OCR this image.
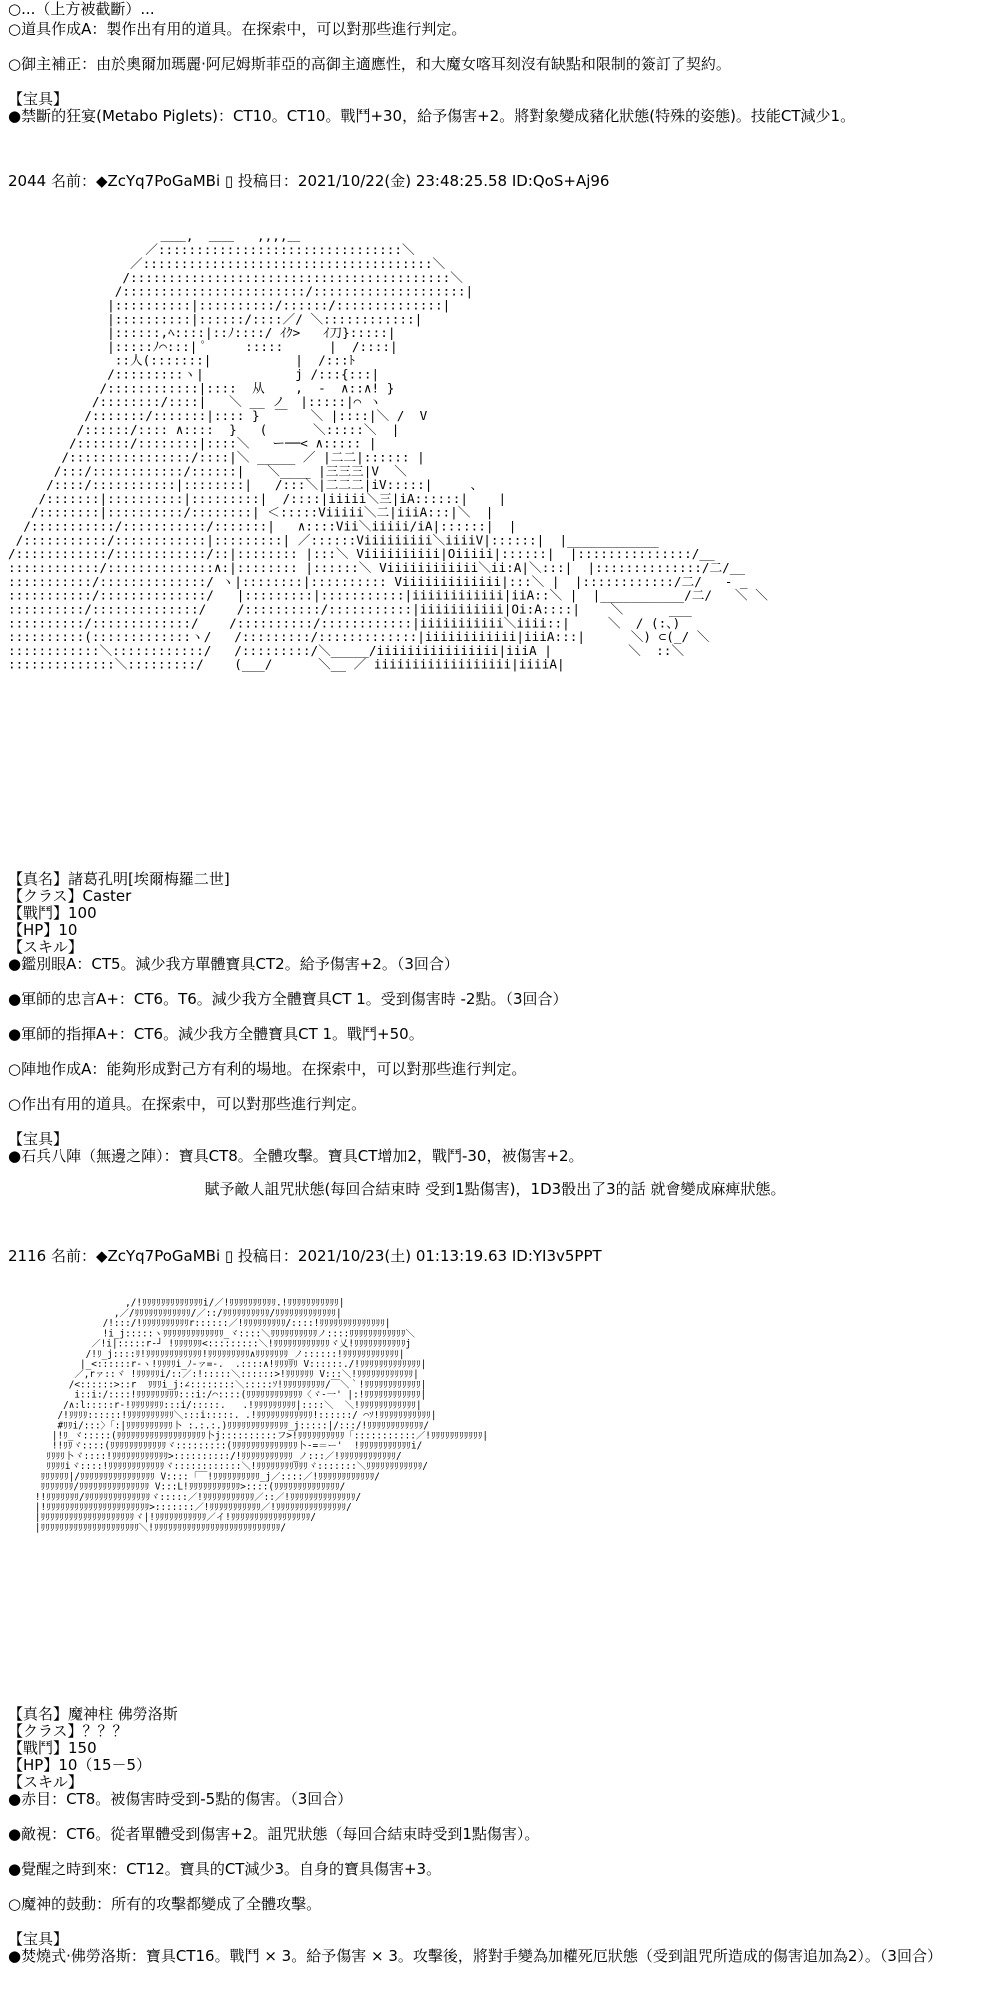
○...（上方被截斷）...
○道具作成A：製作出有用的道具。在探索中，可以對那些進行判定。
○御主補正：由於奧爾加瑪麗·阿尼姆斯菲亞的高御主適應性，和大魔女喀耳刻沒有缺點和限制的簽訂了契約。
【宝具】
●禁斷的狂宴(Metabo Piglets)：CT10。CT10。戰鬥+30，給予傷害+2。將對象變成豬化狀態(特殊的姿態)。技能CT減少1。
2044 名前：◆ZcYq7PoGaMBi ▯ 投稿日：2021/10/22(金) 23:48:25.58 ID:QoS+Aj96
＿＿,  ＿＿   ,,,,＿
／::::::::::::::::::::::::::::::::＼
／::::::::::::::::::::::::::::::::::::::＼
/::::::::::::::::::::::::::::::::::::::::::＼
/::::::::::::::::::::::::/::::::::::::::::::::|
|::::::::::|::::::::::/::::::/::::::::::::::|
|::::::::::|::::::/::::／/ ＼::::::::::::|
|::::::,ﾍ::::|::ﾉ::::/ ｲｸ>   ｲ刀}:::::|
|:::::ﾉ⌒:::| ﾟ     :::::      |  /::::|
::人(:::::::|           |  /:::ﾄ
/:::::::::ヽ|            j /:::{:::|
/::::::::::::|::::  从    ,  ‐  ∧::∧! }
/::::::::/::::|   ＼ __ ノ  |:::::|⌒ ヽ
/:::::::/:::::::|:::: }  ￣   ＼ |::::|＼ /  V
/::::::/:::: ∧::::  }   (      ＼:::::＼  |
/:::::::/::::::::|::::＼   ー──< ∧::::: |
/::::::::::::::::/::::|＼ _____ ／ |二二|:::::: |
/:::/::::::::::::/::::::|   ＼____ |三三三|V  ＼
/::::/:::::::::::|::::::::|   /:::＼|二二二|iV:::::|     、
/:::::::|::::::::::|:::::::::|  /::::|iiiii＼三|iA::::::|    |
/::::::::|::::::::::/::::::::| ＜:::::Viiiii＼二|iiiA:::|＼  |
/:::::::::::/:::::::::::/:::::::|   ∧::::Vii＼iiiii/iA|::::::|  |
/:::::::::::/::::::::::::|:::::::::| ／::::::Viiiiiiiii＼iiiiV|::::::|  |____________
/::::::::::::/::::::::::::/::|:::::::: |:::＼ Viiiiiiiiii|Oiiiii|::::::|  |:::::::::::::::/__
::::::::::::/::::::::::::::∧:|:::::::: |::::::＼ Viiiiiiiiiiii＼ii:A|＼:::|  |::::::::::::::/二/__
:::::::::::/::::::::::::::/ ヽ|::::::::|:::::::::: Viiiiiiiiiiiii|:::＼ |  |::::::::::::/二/   ‐ _
:::::::::::/::::::::::::::/   |:::::::::|:::::::::::|iiiiiiiiiiii|iiA::＼ |  |___________/二/   ＼ ＼
::::::::::/::::::::::::::/    /::::::::::/:::::::::::|iiiiiiiiiii|Oi:A::::|    ＼      ___
::::::::::/:::::::::::::/    /::::::::::/::::::::::::|iiiiiiiiiii＼iiii::|     ＼  / (:、)
::::::::::(:::::::::::::ヽ/   /:::::::::/:::::::::::::|iiiiiiiiiiii|iiiA:::|      ＼) ⊂(_/ ＼
::::::::::::＼::::::::::::/   /:::::::::/＼_____/iiiiiiiiiiiiiiii|iiiA |          ＼  ::＼
::::::::::::::＼:::::::::/    (___/      ＼__ ／ iiiiiiiiiiiiiiiiii|iiiiA|
【真名】諸葛孔明[埃爾梅羅二世]
【クラス】Caster
【戰鬥】100
【HP】10
【スキル】
●鑑別眼A：CT5。減少我方單體寶具CT2。給予傷害+2。（3回合）
●軍師的忠言A+：CT6。T6。減少我方全體寶具CT 1。受到傷害時 -2點。（3回合）
●軍師的指揮A+：CT6。減少我方全體寶具CT 1。戰鬥+50。
○陣地作成A：能夠形成對己方有利的場地。在探索中，可以對那些進行判定。
○作出有用的道具。在探索中，可以對那些進行判定。
【宝具】
●石兵八陣（無邊之陣）：寶具CT8。全體攻擊。寶具CT增加2，戰鬥-30，被傷害+2。
賦予敵人詛咒狀態(每回合結束時 受到1點傷害)，1D3骰出了3的話 就會變成麻痺狀態。
2116 名前：◆ZcYq7PoGaMBi ▯ 投稿日：2021/10/23(土) 01:13:19.63 ID:YI3v5PPT
,/!ﾘﾘﾘﾘﾘﾘﾘﾘﾘﾘﾘﾘﾘi/／!ﾘﾘﾘﾘﾘﾘﾘﾘﾘﾘ.!ﾘﾘﾘﾘﾘﾘﾘﾘﾘﾘﾘ|
,／/ﾘﾘﾘﾘﾘﾘﾘﾘﾘﾘﾘﾘ/／::/ﾘﾘﾘﾘﾘﾘﾘﾘﾘﾘ/ﾘﾘﾘﾘﾘﾘﾘﾘﾘﾘﾘﾘﾘ|
/!:::/!ﾘﾘﾘﾘﾘﾘﾘﾘﾘﾘr::::::／!ﾘﾘﾘﾘﾘﾘﾘﾘﾘ/::::!ﾘﾘﾘﾘﾘﾘﾘﾘﾘﾘﾘﾘﾘﾘ|
!i_j:::::ヽﾘﾘﾘﾘﾘﾘﾘﾘﾘﾘﾘﾘﾘ_ヾ::::＼ﾘﾘﾘﾘﾘﾘﾘﾘﾘﾘノ::::ﾘﾘﾘﾘﾘﾘﾘﾘﾘﾘﾘﾘ＼
／!i|:::::r‐┘ !ﾘﾘﾘﾘﾘﾘ<:::::::::＼!ﾘﾘﾘﾘﾘﾘﾘﾘﾘﾘﾘﾘヾ乂!ﾘﾘﾘﾘﾘﾘﾘﾘﾘﾘﾘj
/!ﾘ_j::::ﾘ!ﾘﾘﾘﾘﾘﾘﾘﾘﾘﾘﾘﾘ!ﾘﾘﾘﾘﾘﾘﾘﾘﾘ∧ﾘﾘﾘﾘﾘﾘﾘ_ノ::::::!ﾘﾘﾘﾘﾘﾘﾘﾘﾘﾘﾘﾘ|
|_<::::::r‐ヽ!ﾘﾘﾘﾘi_ﾉ‐ァ=‐.  .::::∧!ﾘﾘﾘﾘﾘ V::::::./!ﾘﾘﾘﾘﾘﾘﾘﾘﾘﾘﾘﾘﾘ|
／,rァ::ヾ !ﾘﾘﾘﾘﾘi/::／:!:::::＼::::::>!ﾘﾘﾘﾘﾘﾘ V:::＼!ﾘﾘﾘﾘﾘﾘﾘﾘﾘﾘﾘﾘ|
/<::::::>::r  ﾘﾘﾘi_j:∠::::::::＼:::::ｿ!ﾘﾘﾘﾘﾘﾘﾘﾘﾘ/￣＼｀!ﾘﾘﾘﾘﾘﾘﾘﾘﾘﾘﾘﾘ|
i::i:/::::!ﾘﾘﾘﾘﾘﾘﾘﾘﾘ:::i:/⌒::::(ﾘﾘﾘﾘﾘﾘﾘﾘﾘﾘﾘﾘ〈ヾ‐一' |:!ﾘﾘﾘﾘﾘﾘﾘﾘﾘﾘﾘﾘ|
/∧:l:::::r‐!ﾘﾘﾘﾘﾘﾘﾘ:::i/:::::.   .!ﾘﾘﾘﾘﾘﾘﾘﾘﾘ|::::＼  ＼!ﾘﾘﾘﾘﾘﾘﾘﾘﾘﾘﾘﾘ|
/!ﾘﾘﾘﾘ::::::!ﾘﾘﾘﾘﾘﾘﾘﾘﾘﾘ＼:::i:::::. .!ﾘﾘﾘﾘﾘﾘﾘﾘﾘﾘﾘﾘ!::::::/ ⌒ｿ!ﾘﾘﾘﾘﾘﾘﾘﾘﾘﾘﾘ|
#ﾘﾘi/:::〉「:|ﾘﾘﾘﾘﾘﾘﾘﾘﾘﾘ卜 :.:.:.)ﾘﾘﾘﾘﾘﾘﾘﾘﾘﾘﾘﾘﾘ_j:::::|/:::/!ﾘﾘﾘﾘﾘﾘﾘﾘﾘﾘﾘﾘ/
|!ﾘ_ヾ:::::(ﾘﾘﾘﾘﾘﾘﾘﾘﾘﾘﾘﾘﾘﾘﾘﾘﾘﾘﾘ卜j::::::::::フ>!ﾘﾘﾘﾘﾘﾘﾘﾘﾘﾘ「:::::::::::／!ﾘﾘﾘﾘﾘﾘﾘﾘﾘﾘﾘ|
!!ﾘﾘヾ::::(ﾘﾘﾘﾘﾘﾘﾘﾘﾘﾘﾘﾘヾ:::::::::(ﾘﾘﾘﾘﾘﾘﾘﾘﾘﾘﾘﾘﾘﾘ卜‐=＝ー'  !ﾘﾘﾘﾘﾘﾘﾘﾘﾘﾘﾘi/
ﾘﾘﾘﾘ卜ヾ::::!ﾘﾘﾘﾘﾘﾘﾘﾘﾘﾘﾘﾘ>::::::::::/!ﾘﾘﾘﾘﾘﾘﾘﾘﾘﾘﾘ_ノ:::／!ﾘﾘﾘﾘﾘﾘﾘﾘﾘﾘﾘﾘ/
ﾘﾘﾘﾘiヾ::::!ﾘﾘﾘﾘﾘﾘﾘﾘﾘﾘﾘﾘヾ::::::::::::＼!ﾘﾘﾘﾘﾘﾘﾘﾘﾘﾘﾘヾ:::::::＼ﾘﾘﾘﾘﾘﾘﾘﾘﾘﾘﾘﾘ/
ﾘﾘﾘﾘﾘﾘ|/ﾘﾘﾘﾘﾘﾘﾘﾘﾘﾘﾘﾘﾘﾘﾘﾘ V::::「￣!ﾘﾘﾘﾘﾘﾘﾘﾘﾘﾘ_j／::::／!ﾘﾘﾘﾘﾘﾘﾘﾘﾘﾘﾘﾘ/
ﾘﾘﾘﾘﾘﾘﾘ/ﾘﾘﾘﾘﾘﾘﾘﾘﾘﾘﾘﾘﾘﾘﾘ V:::L!ﾘﾘﾘﾘﾘﾘﾘﾘﾘﾘﾘ>::::(ﾘﾘﾘﾘﾘﾘﾘﾘﾘﾘﾘﾘﾘﾘ/
!!ﾘﾘﾘﾘﾘﾘﾘ/ﾘﾘﾘﾘﾘﾘﾘﾘﾘﾘﾘﾘﾘﾘヾ:::::／!ﾘﾘﾘﾘﾘﾘﾘﾘﾘﾘﾘ／::／!ﾘﾘﾘﾘﾘﾘﾘﾘﾘﾘﾘﾘﾘﾘ/
|!ﾘﾘﾘﾘﾘﾘﾘﾘﾘﾘﾘﾘﾘﾘﾘﾘﾘﾘﾘﾘﾘﾘ>:::::::／!ﾘﾘﾘﾘﾘﾘﾘﾘﾘﾘﾘ／!ﾘﾘﾘﾘﾘﾘﾘﾘﾘﾘﾘﾘﾘﾘﾘ/
|ﾘﾘﾘﾘﾘﾘﾘﾘﾘﾘﾘﾘﾘﾘﾘﾘﾘﾘﾘﾘヾ|!ﾘﾘﾘﾘﾘﾘﾘﾘﾘﾘﾘ／イ!ﾘﾘﾘﾘﾘﾘﾘﾘﾘﾘﾘﾘﾘﾘﾘﾘﾘ/
|ﾘﾘﾘﾘﾘﾘﾘﾘﾘﾘﾘﾘﾘﾘﾘﾘﾘﾘﾘﾘﾘ＼!ﾘﾘﾘﾘﾘﾘﾘﾘﾘﾘﾘﾘﾘﾘﾘﾘﾘﾘﾘﾘﾘﾘﾘﾘﾘﾘﾘ/
【真名】魔神柱 佛勞洛斯
【クラス】？？？
【戰鬥】150
【HP】10（15－5）
【スキル】
●赤目：CT8。被傷害時受到-5點的傷害。（3回合）
●敵視：CT6。從者單體受到傷害+2。詛咒狀態（每回合結束時受到1點傷害）。
●覺醒之時到來：CT12。寶具的CT減少3。自身的寶具傷害+3。
○魔神的鼓動：所有的攻擊都變成了全體攻擊。
【宝具】
●焚燒式·佛勞洛斯：寶具CT16。戰鬥 × 3。給予傷害 × 3。攻擊後，將對手變為加權死厄狀態（受到詛咒所造成的傷害追加為2）。（3回合）
